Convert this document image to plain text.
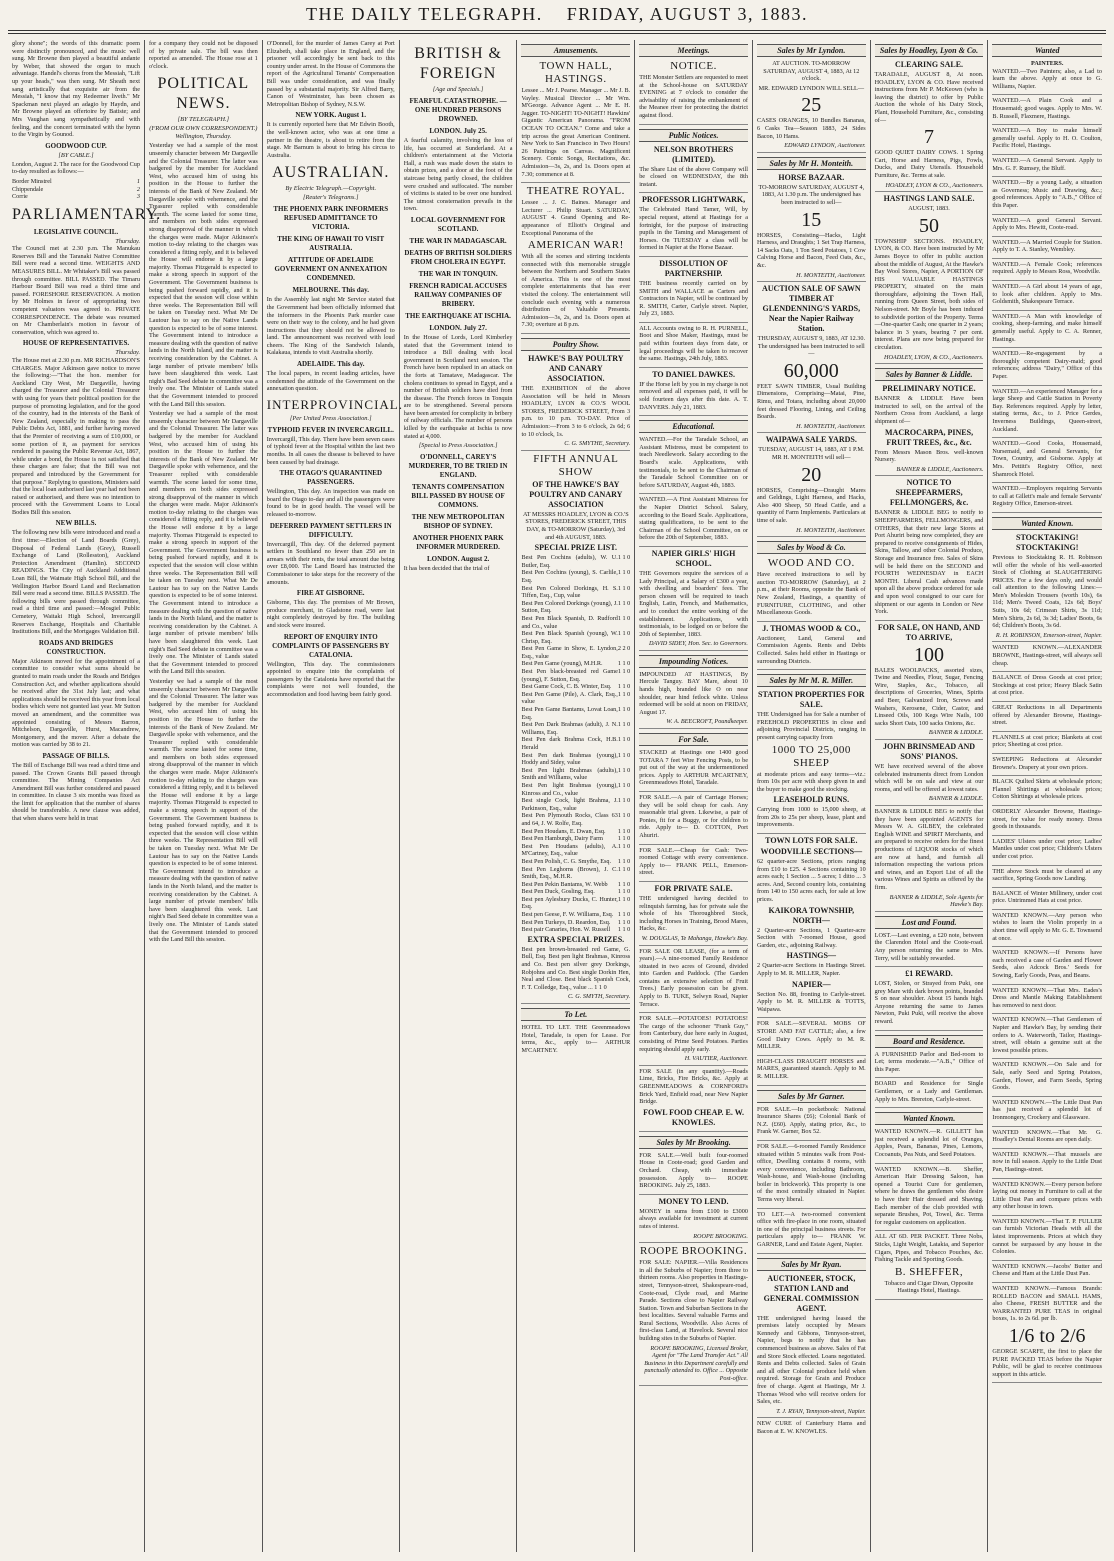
THE DAILY TELEGRAPH. FRIDAY, AUGUST 3, 1883.

glory shone"; the words of this dramatic poem were distinctly pronounced, and the music well sung. Mr Browne then played a beautiful andante by Weber, that showed the organ to much advantage. Handel's chorus from the Messiah, "Lift up your heads," was then sung. Mr Sheath next sang artistically that exquisite air from the Messiah, "I know that my Redeemer liveth." Mr Spackman next played an adagio by Haydn, and Mr Browne played an offertoire by Batiste; and Mrs Vaughan sang sympathetically and with feeling, and the concert terminated with the hymn to the Virgin by Gounod.

GOODWOOD CUP.
[BY CABLE.]

London, August 2. The race for the Goodwood Cup to-day resulted as follows:—

Border Minstrel	1
Chippendale	2
Corrie	3
PARLIAMENTARY.
LEGISLATIVE COUNCIL.
Thursday.

The Council met at 2.30 p.m. The Manukau Reserves Bill and the Taranaki Native Committee Bill were read a second time. WEIGHTS AND MEASURES BILL. Mr Whitaker's Bill was passed through committee. BILL PASSED. The Timaru Harbour Board Bill was read a third time and passed. FORESHORE RESERVATION. A motion by Mr Holmes in favor of appropriating two competent valuators was agreed to. PRIVATE CORRESPONDENCE. The debate was resumed on Mr Chamberlain's motion in favour of conservation, which was agreed to.

HOUSE OF REPRESENTATIVES.
Thursday.

The House met at 2.30 p.m. MR RICHARDSON'S CHARGES. Major Atkinson gave notice to move the following:—"That the hon. member for Auckland City West, Mr Dargaville, having charged the Treasurer and the Colonial Treasurer with using for years their political position for the purpose of promoting legislation, and for the good of the country, had in the interests of the Bank of New Zealand, especially in making to pass the Public Debts Act, 1881, and further having moved that the Premier of receiving a sum of £10,000, or some portion of it, as payment for services rendered in passing the Public Revenue Act, 1867, while under a bond, the House is not satisfied that these charges are false; that the Bill was not prepared and introduced by the Government for that purpose." Replying to questions, Ministers said that the local loan authorised last year had not been raised or authorised, and there was no intention to proceed with the Government Loans to Local Bodies Bill this session.

NEW BILLS.

The following new bills were introduced and read a first time:—Election of Land Boards (Grey), Disposal of Federal Lands (Grey), Russell Exchange of Land (Rollesston), Auckland Protection Amendment (Hamlin). SECOND READINGS. The City of Auckland Additional Loan Bill, the Waimate High School Bill, and the Wellington Harbor Board Land and Reclamation Bill were read a second time. BILLS PASSED. The following bills were passed through committee, read a third time and passed:—Mosgiel Public Cemetery, Waitaki High School, Invercargill Reserves Exchange, Hospitals and Charitable Institutions Bill, and the Mortgages Validation Bill.

ROADS AND BRIDGES CONSTRUCTION.

Major Atkinson moved for the appointment of a committee to consider what sums should be granted to main roads under the Roads and Bridges Construction Act, and whether applications should be received after the 31st July last; and what applications should be received this year from local bodies which were not granted last year. Mr Sutton moved an amendment, and the committee was appointed consisting of Messrs Barron, Mitchelson, Dargaville, Hurst, Macandrew, Montgomery, and the mover. After a debate the motion was carried by 38 to 21.

PASSAGE OF BILLS.

The Bill of Exchange Bill was read a third time and passed. The Crown Grants Bill passed through committee. The Mining Companies Act Amendment Bill was further considered and passed in committee. In clause 3 six months was fixed as the limit for application that the number of shares should be transferable. A new clause was added, that when shares were held in trust

for a company they could not be disposed of by private sale. The bill was then reported as amended. The House rose at 1 o'clock.

POLITICAL NEWS.
[BY TELEGRAPH.]
(FROM OUR OWN CORRESPONDENT.) Wellington, Thursday.

Yesterday we had a sample of the most unseemly character between Mr Dargaville and the Colonial Treasurer. The latter was badgered by the member for Auckland West, who accused him of using his position in the House to further the interests of the Bank of New Zealand. Mr Dargaville spoke with vehemence, and the Treasurer replied with considerable warmth. The scene lasted for some time, and members on both sides expressed strong disapproval of the manner in which the charges were made. Major Atkinson's motion to-day relating to the charges was considered a fitting reply, and it is believed the House will endorse it by a large majority. Thomas Fitzgerald is expected to make a strong speech in support of the Government. The Government business is being pushed forward rapidly, and it is expected that the session will close within three weeks. The Representation Bill will be taken on Tuesday next. What Mr De Lautour has to say on the Native Lands question is expected to be of some interest. The Government intend to introduce a measure dealing with the question of native lands in the North Island, and the matter is receiving consideration by the Cabinet. A large number of private members' bills have been slaughtered this week. Last night's Bad Seed debate in committee was a lively one. The Minister of Lands stated that the Government intended to proceed with the Land Bill this session.

Yesterday we had a sample of the most unseemly character between Mr Dargaville and the Colonial Treasurer. The latter was badgered by the member for Auckland West, who accused him of using his position in the House to further the interests of the Bank of New Zealand. Mr Dargaville spoke with vehemence, and the Treasurer replied with considerable warmth. The scene lasted for some time, and members on both sides expressed strong disapproval of the manner in which the charges were made. Major Atkinson's motion to-day relating to the charges was considered a fitting reply, and it is believed the House will endorse it by a large majority. Thomas Fitzgerald is expected to make a strong speech in support of the Government. The Government business is being pushed forward rapidly, and it is expected that the session will close within three weeks. The Representation Bill will be taken on Tuesday next. What Mr De Lautour has to say on the Native Lands question is expected to be of some interest. The Government intend to introduce a measure dealing with the question of native lands in the North Island, and the matter is receiving consideration by the Cabinet. A large number of private members' bills have been slaughtered this week. Last night's Bad Seed debate in committee was a lively one. The Minister of Lands stated that the Government intended to proceed with the Land Bill this session.

Yesterday we had a sample of the most unseemly character between Mr Dargaville and the Colonial Treasurer. The latter was badgered by the member for Auckland West, who accused him of using his position in the House to further the interests of the Bank of New Zealand. Mr Dargaville spoke with vehemence, and the Treasurer replied with considerable warmth. The scene lasted for some time, and members on both sides expressed strong disapproval of the manner in which the charges were made. Major Atkinson's motion to-day relating to the charges was considered a fitting reply, and it is believed the House will endorse it by a large majority. Thomas Fitzgerald is expected to make a strong speech in support of the Government. The Government business is being pushed forward rapidly, and it is expected that the session will close within three weeks. The Representation Bill will be taken on Tuesday next. What Mr De Lautour has to say on the Native Lands question is expected to be of some interest. The Government intend to introduce a measure dealing with the question of native lands in the North Island, and the matter is receiving consideration by the Cabinet. A large number of private members' bills have been slaughtered this week. Last night's Bad Seed debate in committee was a lively one. The Minister of Lands stated that the Government intended to proceed with the Land Bill this session.

O'Donnell, for the murder of James Carey at Port Elizabeth, shall take place in England, and the prisoner will accordingly be sent back to this country under arrest. In the House of Commons the report of the Agricultural Tenants' Compensation Bill was under consideration, and was finally passed by a substantial majority. Sir Alfred Barry, Canon of Westminster, has been chosen as Metropolitan Bishop of Sydney, N.S.W.

NEW YORK. August 1.

It is currently reported here that Mr Edwin Booth, the well-known actor, who was at one time a partner in the theatre, is about to retire from the stage. Mr Barnum is about to bring his circus to Australia.

AUSTRALIAN.
By Electric Telegraph.—Copyright.
[Reuter's Telegrams.]
THE PHOENIX PARK INFORMERS REFUSED ADMITTANCE TO VICTORIA.
THE KING OF HAWAII TO VISIT AUSTRALIA.
ATTITUDE OF ADELAIDE GOVERNMENT ON ANNEXATION CONDEMNED.
MELBOURNE. This day.

In the Assembly last night Mr Service stated that the Government had been officially informed that the informers in the Phoenix Park murder case were on their way to the colony, and he had given instructions that they should not be allowed to land. The announcement was received with loud cheers. The King of the Sandwich Islands, Kalakaua, intends to visit Australia shortly.

ADELAIDE. This day.

The local papers, in recent leading articles, have condemned the attitude of the Government on the annexation question.

INTERPROVINCIAL.
[Per United Press Association.]
TYPHOID FEVER IN INVERCARGILL.

Invercargill, This day. There have been seven cases of typhoid fever at the Hospital within the last two months. In all cases the disease is believed to have been caused by bad drainage.

THE OTAGO'S QUARANTINED PASSENGERS.

Wellington, This day. An inspection was made on board the Otago to-day and all the passengers were found to be in good health. The vessel will be released to-morrow.

DEFERRED PAYMENT SETTLERS IN DIFFICULTY.

Invercargill, This day. Of the deferred payment settlers in Southland no fewer than 250 are in arrears with their rents, the total amount due being over £8,000. The Land Board has instructed the Commissioner to take steps for the recovery of the amounts.

FIRE AT GISBORNE.

Gisborne, This day. The premises of Mr Brown, produce merchant, in Gladstone road, were last night completely destroyed by fire. The building and stock were insured.

REPORT OF ENQUIRY INTO COMPLAINTS OF PASSENGERS BY CATALONIA.

Wellington, This day. The commissioners appointed to enquire into the complaints of passengers by the Catalonia have reported that the complaints were not well founded, the accommodation and food having been fairly good.

BRITISH & FOREIGN
[Age and Specials.]
FEARFUL CATASTROPHE. — ONE HUNDRED PERSONS DROWNED.
LONDON. July 25.

A fearful calamity, involving the loss of life, has occurred at Sunderland. At a children's entertainment at the Victoria Hall, a rush was made down the stairs to obtain prizes, and a door at the foot of the staircase being partly closed, the children were crushed and suffocated. The number of victims is stated to be over one hundred. The utmost consternation prevails in the town.

LOCAL GOVERNMENT FOR SCOTLAND.
THE WAR IN MADAGASCAR.
DEATHS OF BRITISH SOLDIERS FROM CHOLERA IN EGYPT.
THE WAR IN TONQUIN.
FRENCH RADICAL ACCUSES RAILWAY COMPANIES OF BRIBERY.
THE EARTHQUAKE AT ISCHIA.
LONDON. July 27.

In the House of Lords, Lord Kimberley stated that the Government intend to introduce a Bill dealing with local government in Scotland next session. The French have been repulsed in an attack on the forts at Tamatave, Madagascar. The cholera continues to spread in Egypt, and a number of British soldiers have died from the disease. The French forces in Tonquin are to be strengthened. Several persons have been arrested for complicity in bribery of railway officials. The number of persons killed by the earthquake at Ischia is now stated at 4,000.

[Special to Press Association.]
O'DONNELL, CAREY'S MURDERER, TO BE TRIED IN ENGLAND.
TENANTS COMPENSATION BILL PASSED BY HOUSE OF COMMONS.
THE NEW METROPOLITAN BISHOP OF SYDNEY.
ANOTHER PHOENIX PARK INFORMER MURDERED.
LONDON. August 2.

It has been decided that the trial of

Amusements.
TOWN HALL, HASTINGS.

Lessee ... Mr J. Pearse. Manager ... Mr J. B. Vayley. Musical Director ... Mr Wm. M'George. Advance Agent ... Mr E. H. Jagger. TO-NIGHT! TO-NIGHT! Hawkins' Gigantic American Panorama. "FROM OCEAN TO OCEAN." Come and take a trip across the great American Continent. New York to San Francisco in Two Hours! 26 Paintings on Canvas. Magnificent Scenery. Comic Songs, Recitations, &c. Admission—3s, 2s, and 1s. Doors open at 7.30; commence at 8.

THEATRE ROYAL.

Lessee ... J. C. Baines. Manager and Lecturer ... Philip Stuart. SATURDAY, AUGUST 4. Grand Opening and Re-appearance of Elliott's Original and Exceptional Panorama of the

AMERICAN WAR!

With all the scenes and stirring incidents connected with this memorable struggle between the Northern and Southern States of America. This is one of the most complete entertainments that has ever visited the colony. The entertainment will conclude each evening with a numerous distribution of Valuable Presents. Admission—3s, 2s, and 1s. Doors open at 7.30; overture at 8 p.m.

Poultry Show.
HAWKE'S BAY POULTRY AND CANARY ASSOCIATION.

THE EXHIBITION of the above Association will be held in Messrs HOADLEY, LYON & CO.'S WOOL STORES, FREDERICK STREET, From 3 p.m. to 10 p.m. TO-DAY. Price of Admission:—From 3 to 6 o'clock, 2s 6d; 6 to 10 o'clock, 1s.

C. G. SMYTHE, Secretary.
FIFTH ANNUAL SHOW
OF THE HAWKE'S BAY POULTRY AND CANARY ASSOCIATION

AT MESSRS HOADLEY, LYON & CO.'S STORES, FREDERICK STREET, THIS DAY, & TO-MORROW (Saturday), 3rd and 4th AUGUST, 1883.

SPECIAL PRIZE LIST.
Best Pen Cochins (adults), W. U. Butler, Esq.
1 1 0
Best Pen Cochins (young), S. Carlile, Esq.
1 1 0
Best Pen Colored Dorkings, H. S. Tiffen, Esq., Cup, value
1 1 0
Best Pen Colored Dorkings (young), J. Sutton, Esq.
1 1 0
Best Pen Black Spanish, D. Rudford and Co., value
1 1 0
Best Pen Black Spanish (young), W. Chrisp, Esq.
1 1 0
Best Pen Game in Show, E. Lyndon, Esq., value
2 2 0
Best Pen Game (young), M.H.R.	1 1 0
Best Pen black-breasted red Game (young), F. Sutton, Esq.
1 1 0
Best Game Cock, C. B. Winter, Esq.	1 1 0
Best Pen Game (Pile), A. Clark, Esq., value
1 1 0
Best Pen Game Bantams, Lovat Loan, Esq.
1 1 0
Best Pen Dark Brahmas (adult), J. N. Williams, Esq.
1 1 0
Best Pen dark Brahma Cock, H.B. Herald
1 1 0
Best Pen dark Brahmas (young), Hoddy and Sidey, value
1 1 0
Best Pen light Brahmas (adults), Smith and Williams, value
1 1 0
Best Pen light Brahmas (young), Kinross and Co., value
1 1 0
Best single Cock, light Brahma, J. Parkinson, Esq., value
1 1 0
Best Pen Plymouth Rocks, Class 63 and 64, J. W. Rolfe, Esq.
1 1 0
Best Pen Houdans, E. Dwan, Esq.	1 1 0
Best Pen Hamburgh, Dairy Farm	1 1 0
Best Pen Houdans (adults), A. M'Cartney, Esq., value
1 1 0
Best Pen Polish, C. G. Smythe, Esq.	1 1 0
Best Pen Leghorns (Brown), J. C. Smith, Esq., M.H.R.
1 1 0
Best Pen Pekin Bantams, W. Webb	1 1 0
Best Pen Duck, Gosling, Esq.	1 1 0
Best pen Aylesbury Ducks, C. Hunter, Esq.
1 1 0
Best pen Geese, F. W. Williams, Esq. 1 1 0
Best Pen Turkeys, D. Reardon, Esq.	1 1 0
Best pair Canaries, Hon. W. Russell	1 1 0
EXTRA SPECIAL PRIZES.

Best pen brown-breasted red Game, G. Bull, Esq. Best pen light Brahmas, Kinross and Co. Best pen silver grey Dorkings, Robjohns and Co. Best single Dorkin Hen, Neal and Close. Best black Spanish Cock, F. T. Colledge, Esq., value ... 1 1 0

C. G. SMYTH, Secretary.
To Let.

HOTEL TO LET. THE Greenmeadows Hotel, Taradale, is open for Lease. For terms, &c., apply to— ARTHUR M'CARTNEY.

Meetings.
NOTICE.

THE Monster Settlers are requested to meet at the School-house on SATURDAY EVENING at 7 o'clock to consider the advisability of raising the embankment of the Meanee river for protecting the district against flood.

Public Notices.
NELSON BROTHERS (LIMITED).

The Share List of the above Company will be closed on WEDNESDAY, the 8th instant.

PROFESSOR LIGHTWARK,

The Celebrated Hand Tamer, Will, by special request, attend at Hastings for a fortnight, for the purpose of instructing pupils in the Taming and Management of Horses. On TUESDAY a class will be formed in Napier at the Horse Bazaar.

DISSOLUTION OF PARTNERSHIP.

THE business recently carried on by SMITH and WALLACE as Carters and Contractors in Napier, will be continued by R. SMITH, Carter, Carlyle street. Napier, July 23, 1883.

ALL Accounts owing to R. H. PURNELL, Boot and Shoe Maker, Hastings, must be paid within fourteen days from date, or legal proceedings will be taken to recover the same. Hastings, 24th July, 1883.

TO DANIEL DAWKES.

IF the Horse left by you in my charge is not removed and all expenses paid, it will be sold fourteen days after this date. A. T. DANVERS. July 21, 1883.

Educational.

WANTED.—For the Taradale School, an Assistant Mistress, must be competent to teach Needlework. Salary according to the Board's scale. Applications, with testimonials, to be sent to the Chairman of the Taradale School Committee on or before SATURDAY, August 4th, 1883.

WANTED.—A First Assistant Mistress for the Napier District School. Salary, according to the Board Scale. Applications, stating qualifications, to be sent to the Chairman of the School Committee, on or before the 20th of September, 1883.

NAPIER GIRLS' HIGH SCHOOL.

THE Governors require the services of a Lady Principal, at a Salary of £300 a year, with dwelling and boarders' fees. The person chosen will be required to teach English, Latin, French, and Mathematics, and to conduct the entire working of the establishment. Applications, with testimonials, to be lodged on or before the 20th of September, 1883.

DAVID SIDEY, Hon. Sec. to Governors.
Impounding Notices.

IMPOUNDED AT HASTINGS, By Hercule Tanguy. BAY Mare, about 10 hands high, branded like O on near shoulder, near hind fetlock white. Unless redeemed will be sold at noon on FRIDAY, August 17.

W. A. BEECROFT, Poundkeeper.
For Sale.

STACKED at Hastings one 1400 good TOTARA 7 feet Wire Fencing Posts, to be put out of the way at the undermentioned prices. Apply to ARTHUR M'CARTNEY, Greenmeadows Hotel, Taradale.

FOR SALE.—A pair of Carriage Horses; they will be sold cheap for cash. Any reasonable trial given. Likewise, a pair of Ponies, fit for a Buggy, or for children to ride. Apply to— D. COTTON, Port Ahuriri.

FOR SALE.—Cheap for Cash: Two-roomed Cottage with every convenience. Apply to— FRANK PELL, Emerson-street.

FOR PRIVATE SALE.

THE undersigned having decided to relinquish farming, has for private sale the whole of his Thoroughbred Stock, including Horses in Training, Brood Mares, Hacks, &c.

W. DOUGLAS, Te Mahanga, Hawke's Bay.

FOR SALE OR LEASE, (for a term of years).—A nine-roomed Family Residence situated in two acres of Ground, divided into Garden and Paddock. (The Garden contains an extensive selection of Fruit Trees.) Early possession can be given. Apply to B. TUKE, Selwyn Road, Napier Terrace.

FOR SALE.—POTATOES! POTATOES! The cargo of the schooner "Frank Guy," from Canterbury, due here early in August, consisting of Prime Seed Potatoes. Parties requiring should apply early.

H. VAUTIER, Auctioneer.

FOR SALE (in any quantity).—Roads Lime, Bricks, Fire Bricks, &c. Apply at GREENMEADOWS & CORNFORD's Brick Yard, Enfield road, near New Napier Bridge.

FOWL FOOD CHEAP. E. W. KNOWLES.
Sales by Mr Brooking.

FOR SALE.—Well built four-roomed House in Coote-road; good Garden and Orchard. Cheap, with immediate possession. Apply to— ROOPE BROOKING. July 25, 1883.

MONEY TO LEND.

MONEY in sums from £100 to £3000 always available for investment at current rates of interest.

ROOPE BROOKING.
ROOPE BROOKING.

FOR SALE: NAPIER.—Villa Residences in all the Suburbs of Napier; from three to thirteen rooms. Also properties in Hastings-street, Tennyson-street, Shakespeare-road, Coote-road, Clyde road, and Marine Parade. Sections close to Napier Railway Station. Town and Suburban Sections in the best localities. Several valuable Farms and Rural Sections, Woodville. Also Acres of first-class Land, at Havelock. Several nice building sites in the Suburbs of Napier.

ROOPE BROOKING, Licensed Broker, Agent for "The Land Transfer Act." All Business in this Department carefully and punctually attended to. Office ... Opposite Post-office.
Sales by Mr Lyndon.

AT AUCTION. TO-MORROW SATURDAY, AUGUST 4, 1883, At 12 o'clock.

MR. EDWARD LYNDON WILL SELL—

25

CASES ORANGES, 10 Bundles Bananas, 6 Casks Tea—Season 1883, 24 Sides Bacon, 10 Hams.

EDWARD LYNDON, Auctioneer.
Sales by Mr H. Monteith.
HORSE BAZAAR.

TO-MORROW SATURDAY, AUGUST 4, 1883, At 1.30 p.m. The undersigned has been instructed to sell—

15

HORSES, Consisting—Hacks, Light Harness, and Draughts; 1 Set Trap Harness, 14 Sacks Oats, 1 Ton Seed Potatoes, 1 Cow Calving Horse and Bacon, Feed Oats, &c., &c.

H. MONTEITH, Auctioneer.
AUCTION SALE OF SAWN TIMBER AT GLENDENNING'S YARDS, Near the Napier Railway Station.

THURSDAY, AUGUST 9, 1883, AT 12.30. The undersigned has been instructed to sell—

60,000

FEET SAWN TIMBER, Usual Building Dimensions, Comprising—Matai, Pine, Rimu, and Totara, including about 20,000 feet dressed Flooring, Lining, and Ceiling Boards.

H. MONTEITH, Auctioneer.
WAIPAWA SALE YARDS.

TUESDAY, AUGUST 14, 1883, AT 1 P.M. MR H. MONTEITH will sell—

20

HORSES, Comprising—Draught Mares and Geldings, Light Harness, and Hacks, Also 400 Sheep, 50 Head Cattle, and a quantity of Farm Implements. Particulars at time of sale.

H. MONTEITH, Auctioneer.
Sales by Wood & Co.
WOOD AND CO.

Have received instructions to sell by auction TO-MORROW (Saturday), at 2 p.m., at their Rooms, opposite the Bank of New Zealand, Hastings, a quantity of FURNITURE, CLOTHING, and other Miscellaneous Goods.

J. THOMAS WOOD & CO.,

Auctioneer, Land, General and Commission Agents. Rents and Debts Collected. Sales held either in Hastings or surrounding Districts.

Sales by Mr M. R. Miller.
STATION PROPERTIES FOR SALE.

THE Undersigned has for Sale a number of FREEHOLD PROPERTIES in close and adjoining Provincial Districts, ranging in present carrying capacity from

1000 TO 25,000 SHEEP

at moderate prices and easy terms—viz.: from 10s per acre with sheep given in and the buyer to make good the stocking.

LEASEHOLD RUNS.

Carrying from 1000 to 15,000 sheep, at from 20s to 25s per sheep, lease, plant and improvements.

TOWN LOTS FOR SALE.
WOODVILLE SECTIONS—

62 quarter-acre Sections, prices ranging from £10 to £25. 4 Sections containing 10 acres each; 1 Section ... 5 acres; 1 ditto ... 3 acres. And, Second country lots, containing from 140 to 150 acres each, for sale at low prices.

KAIKORA TOWNSHIP, NORTH—

2 Quarter-acre Sections, 1 Quarter-acre Section with 7-roomed House, good Garden, etc., adjoining Railway.

HASTINGS—

2 Quarter-acre Sections in Hastings Street. Apply to M. R. MILLER, Napier.

NAPIER—

Section No. 88, fronting to Carlyle-street. Apply to M. R. MILLER & TOTTS, Waipawa.

FOR SALE.—SEVERAL MOBS OF STORE AND FAT CATTLE; also, a few Good Dairy Cows. Apply to M. R. MILLER.

HIGH-CLASS DRAUGHT HORSES and MARES, guaranteed staunch. Apply to M. R. MILLER.

Sales by Mr Garner.

FOR SALE.—In pocketbook: National Insurance Shares (£6); Colonial Bank of N.Z. (£60). Apply, stating price, &c., to Frank W. Garner, Box 52.

FOR SALE.—6-roomed Family Residence situated within 5 minutes walk from Post-office, Dwelling contains 8 rooms, with every convenience, including Bathroom, Wash-house, and Wash-house (including boiler in brickwork). This property is one of the most centrally situated in Napier. Terms very liberal.

TO LET.—A two-roomed convenient office with fire-place in one room, situated in one of the principal business streets. For particulars apply to— FRANK W. GARNER, Land and Estate Agent, Napier.

Sales by Mr Ryan.
AUCTIONEER, STOCK, STATION LAND and GENERAL COMMISSION AGENT.

THE undersigned having leased the premises lately occupied by Messrs Kennedy and Gibbons, Tennyson-street, Napier, begs to notify that he has commenced business as above. Sales of Fat and Store Stock effected. Loans negotiated. Rents and Debts collected. Sales of Grain and all other Colonial produce held when required. Storage for Grain and Produce free of charge. Agent at Hastings, Mr J. Thomas Wood who will receive orders for Sales, etc.

T. J. RYAN, Tennyson-street, Napier.

NEW CURE of Canterbury Hams and Bacon at E. W. KNOWLES.

Sales by Hoadley, Lyon & Co.
CLEARING SALE.

TARADALE, AUGUST 8, At noon. HOADLEY, LYON & CO. Have received instructions from Mr P. McKeown (who is leaving the district) to offer by Public Auction the whole of his Dairy Stock, Plant, Household Furniture, &c., consisting of—

7

GOOD QUIET DAIRY COWS. 1 Spring Cart, Horse and Harness, Pigs, Fowls, Ducks, and Dairy Utensils. Household Furniture, &c. Terms at sale.

HOADLEY, LYON & CO., Auctioneers.
HASTINGS LAND SALE.

AUGUST, 1883.

50

TOWNSHIP SECTIONS. HOADLEY, LYON, & CO. Have been instructed by Mr James Boyce to offer in public auction about the middle of August, At the Hawke's Bay Wool Stores, Napier, A PORTION OF HIS VALUABLE HASTINGS PROPERTY, situated on the main thoroughfare, adjoining the Town Hall, running from Queen Street, both sides of Nelson-street. Mr Boyle has been induced to subdivide portion of the Property. Terms—One-quarter Cash; one quarter in 2 years; balance in 3 years, bearing 7 per cent. interest. Plans are now being prepared for circulation.

HOADLEY, LYON, & CO., Auctioneers.
Sales by Banner & Liddle.
PRELIMINARY NOTICE.

BANNER & LIDDLE Have been instructed to sell, on the arrival of the Northern Cross from Auckland, a large shipment of—

MACROCARPA, PINES, FRUIT TREES, &c., &c.

From Messrs Mason Bros. well-known Nursery.

BANNER & LIDDLE, Auctioneers.
NOTICE TO SHEEPFARMERS, FELLMONGERS, &c.

BANNER & LIDDLE BEG to notify to SHEEPFARMERS, FELLMONGERS, and OTHERS, that their new large Stores at Port Ahuriri being now completed, they are prepared to receive consignments of Hides, Skins, Tallow, and other Colonial Produce, Storage and Insurance free. Sales of Skins will be held there on the SECOND and FOURTH WEDNESDAY in EACH MONTH. Liberal Cash advances made upon all the above produce ordered for sale and upon wool consigned to our care for shipment or our agents in London or New York.

FOR SALE, ON HAND, AND TO ARRIVE,
100

BALES WOOLPACKS, assorted sizes, Twine and Needles, Flour, Sugar, Fencing Wire, Staples, &c., Tobacco, all descriptions of Groceries, Wines, Spirits and Beer, Galvanized Iron, Screws and Washers, Kerosene, Cider, Castor, and Linseed Oils, 100 Kegs Wire Nails, 100 sacks Short Oats, 100 sacks Onions, &c.

BANNER & LIDDLE.
JOHN BRINSMEAD AND SONS' PIANOS.

WE have received several of the above celebrated instruments direct from London which will be on sale and view at our rooms, and will be offered at lowest rates.

BANNER & LIDDLE.

BANNER & LIDDLE BEG to notify that they have been appointed AGENTS for Messrs W. A. GILBEY, the celebrated English WINE and SPIRIT Merchants, and are prepared to receive orders for the finest productions of LIQUOR stocks of which are now at hand, and furnish all information respecting the various prices and wines, and an Export List of all the various Wines and Spirits as offered by the firm.

BANNER & LIDDLE, Sole Agents for Hawke's Bay.
Lost and Found.

LOST.—Last evening, a £20 note, between the Clarendon Hotel and the Coote-road. Any person returning the same to Mrs. Terry, will be suitably rewarded.

£1 REWARD.

LOST, Stolen, or Strayed from Puki, one grey Mare with dark brown points, branded S on near shoulder. About 15 hands high. Anyone returning the same to James Newton, Puki Puki, will receive the above reward.

Board and Residence.

A FURNISHED Parlor and Bed-room to Let; terms moderate.—"A.B.," Office of this Paper.

BOARD and Residence for Single Gentlemen, or a Lady and Gentleman. Apply to Mrs. Brereton, Carlyle-street.

Wanted Known.

WANTED KNOWN.—R. GILLETT has just received a splendid lot of Oranges, Apples, Pears, Bananas, Pines, Lemons, Cocoanuts, Pea Nuts, and Seed Potatoes.

WANTED KNOWN.—B. Sheffer, American Hair Dressing Saloon, has opened a Tourist Cure for gentlemen, where he draws the gentlemen who desire to have their Hair dressed and Shaving. Each member of the club provided with separate Brushes, Pot, Towel, &c. Terms for regular customers on application.

ALL AT 6D. PER PACKET. Three Nobs, Sticks, Light Weight, Latakia, and Superior Cigars, Pipes, and Tobacco Pouches, &c. Fishing Tackle and Sporting Goods.

B. SHEFFER,

Tobacco and Cigar Divan, Opposite Hastings Hotel, Hastings.

Wanted
PAINTERS.

WANTED.—Two Painters; also, a Lad to learn the above. Apply at once to G. Williams, Napier.

WANTED.—A Plain Cook and a Housemaid; good wages. Apply to Mrs. W. B. Russell, Flaxmere, Hastings.

WANTED.—A Boy to make himself generally useful. Apply to H. O. Coulton, Pacific Hotel, Hastings.

WANTED.—A General Servant. Apply to Mrs. G. F. Rumsey, the Bluff.

WANTED.—By a young Lady, a situation as Governess; Music and Drawing, &c.; good references. Apply to "A.B.," Office of this Paper.

WANTED.—A good General Servant. Apply to Mrs. Hewitt, Coote-road.

WANTED.—A Married Couple for Station. Apply to T. A. Stanley, Wembley.

WANTED.—A Female Cook; references required. Apply to Messrs Ross, Woodville.

WANTED.—A Girl about 14 years of age, to look after children. Apply to Mrs. Goldsmith, Shakespeare Terrace.

WANTED.—A Man with knowledge of cooking, sheep-farming, and make himself generally useful. Apply to C. A. Renner, Hastings.

WANTED.—Re-engagement by a thoroughly competent Dairy-maid; good references; address "Dairy," Office of this Paper.

WANTED.—An experienced Manager for a large Sheep and Cattle Station in Poverty Bay. References required. Apply by letter, stating terms, &c., to J. Price Gerdes, Inverness Buildings, Queen-street, Auckland.

WANTED.—Good Cooks, Housemaid, Nursemaid, and General Servants, for Town, Country, and Gisborne. Apply at Mrs. Pettitt's Registry Office, next Shamrock Hotel.

WANTED.—Employers requiring Servants to call at Gillett's male and female Servants' Registry Office, Emerson-street.

Wanted Known.
STOCKTAKING! STOCKTAKING!

Previous to Stocktaking R. H. Robinson will offer the whole of his well-assorted Stock of Clothing at SLAUGHTERING PRICES. For a few days only, and would call attention to the following Lines:— Men's Moleskin Trousers (worth 10s), 6s 11d; Men's Tweed Coats, 12s 6d; Boys' Suits, 10s 6d; Crimean Shirts, 3s 11d; Men's Shirts, 2s 6d, 3s 3d; Ladies' Boots, 6s 6d; Children's Boots, 3s 6d.

R. H. ROBINSON, Emerson-street, Napier.

WANTED KNOWN.—ALEXANDER BROWNE, Hastings-street, will always sell cheap.

BALANCE of Dress Goods at cost price; Stockings at cost price; Heavy Black Satin at cost price.

GREAT Reductions in all Departments offered by Alexander Browne, Hastings-street.

FLANNELS at cost price; Blankets at cost price; Sheeting at cost price.

SWEEPING Reductions at Alexander Browne's. Drapery at your own prices.

BLACK Quilted Skirts at wholesale prices; Flannel Shirtings at wholesale prices; Cotton Shirtings at wholesale prices.

ORDERLY Alexander Browne, Hastings-street, for value for ready money. Dress goods in thousands.

LADIES' Ulsters under cost price; Ladies' Mantles under cost price; Children's Ulsters under cost price.

THE above Stock must be cleared at any sacrifice, Spring Goods now Landing.

BALANCE of Winter Millinery, under cost price. Untrimmed Hats at cost price.

WANTED KNOWN.—Any person who wishes to learn the Violin properly in a short time will apply to Mr. G. E. Townsend at once.

WANTED KNOWN.—If Persons have each received a case of Garden and Flower Seeds, also Adcock Bros.' Seeds for Sowing, Early Goods, Peas, and Beans.

WANTED KNOWN.—That Mrs. Eades's Dress and Mantle Making Establishment has removed to next door.

WANTED KNOWN.—That Gentlemen of Napier and Hawke's Bay, by sending their orders to A. Waterworth, Tailor, Hastings-street, will obtain a genuine suit at the lowest possible prices.

WANTED KNOWN.—On Sale and for Sale, early Seed and Spring Potatoes, Garden, Flower, and Farm Seeds, Spring Goods.

WANTED KNOWN.—The Little Dust Pan has just received a splendid lot of Ironmongery, Crockery and Glassware.

WANTED KNOWN.—That Mr. G. Hoadley's Dental Rooms are open daily.

WANTED KNOWN.—That mussels are now in full season. Apply to the Little Dust Pan, Hastings-street.

WANTED KNOWN.—Every person before laying out money in Furniture to call at the Little Dust Pan and compare prices with any other house in town.

WANTED KNOWN.—That T. P. FULLER can furnish Victorian Heads with all the latest improvements. Prices at which they cannot be surpassed by any house in the Colonies.

WANTED KNOWN.—Jacobs' Butter and Cheese and Ham at the Little Dust Pan.

WANTED KNOWN.—Famous Brands: ROLLED BACON and SMALL HAMS, also Cheese, FRESH BUTTER and the WARRANTED PURE TEAS in original boxes, 1s. to 2s 6d. per lb.

1/6 to 2/6

GEORGE SCARFE, the first to place the PURE PACKED TEAS before the Napier Public, will be glad to receive continuous support in this article.
